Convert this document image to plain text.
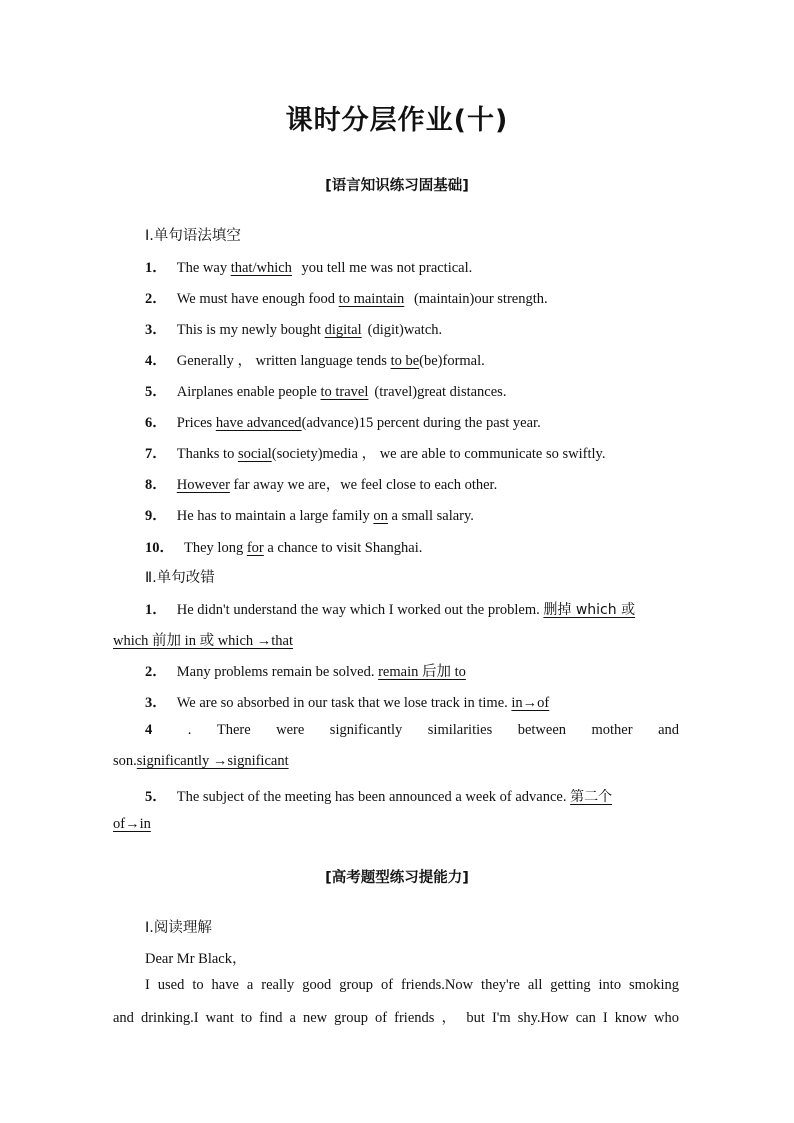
课时分层作业(十)
[语言知识练习固基础]
Ⅰ.单句语法填空
1． The way that/which you tell me was not practical.
2． We must have enough food to maintain (maintain)our strength.
3． This is my newly bought digital (digit)watch.
4． Generally ， written language tends to be(be)formal.
5． Airplanes enable people to travel (travel)great distances.
6． Prices have advanced(advance)15 percent during the past year.
7． Thanks to social(society)media ， we are able to communicate so swiftly.
8． However far away we are，we feel close to each other.
9． He has to maintain a large family on a small salary.
10． They long for a chance to visit Shanghai.
Ⅱ.单句改错
1． He didn't understand the way which I worked out the problem. 删掉 which 或
which 前加 in 或 which →that
2． Many problems remain be solved. remain 后加 to
3． We are so absorbed in our task that we lose track in time. in→of
4 . There were significantly similarities between mother and
son.significantly →significant
5． The subject of the meeting has been announced a week of advance. 第二个
of→in
[高考题型练习提能力]
Ⅰ.阅读理解
Dear Mr Black，
I used to have a really good group of friends.Now they're all getting into smoking
and drinking.I want to find a new group of friends ， but I'm shy.How can I know who
